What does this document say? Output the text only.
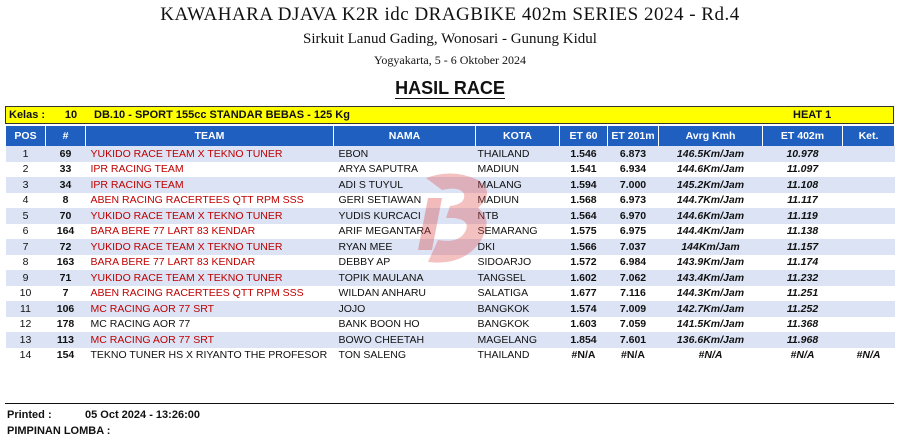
KAWAHARA DJAVA K2R idc DRAGBIKE 402m SERIES 2024 - Rd.4
Sirkuit Lanud Gading, Wonosari - Gunung Kidul
Yogyakarta, 5 - 6 Oktober 2024
HASIL RACE
Kelas :	10	DB.10 - SPORT 155cc STANDAR BEBAS - 125 Kg	HEAT 1
POS	#	TEAM	NAMA	KOTA	ET 60	ET 201m	Avrg Kmh	ET 402m	Ket.
1	69	YUKIDO RACE TEAM X TEKNO TUNER	EBON	THAILAND	1.546	6.873	146.5Km/Jam	10.978	
2	33	IPR RACING TEAM	ARYA SAPUTRA	MADIUN	1.541	6.934	144.6Km/Jam	11.097	
3	34	IPR RACING TEAM	ADI S TUYUL	MALANG	1.594	7.000	145.2Km/Jam	11.108	
4	8	ABEN RACING RACERTEES QTT RPM SSS	GERI SETIAWAN	MADIUN	1.568	6.973	144.7Km/Jam	11.117	
5	70	YUKIDO RACE TEAM X TEKNO TUNER	YUDIS KURCACI	NTB	1.564	6.970	144.6Km/Jam	11.119	
6	164	BARA BERE 77 LART 83 KENDAR	ARIF MEGANTARA	SEMARANG	1.575	6.975	144.4Km/Jam	11.138	
7	72	YUKIDO RACE TEAM X TEKNO TUNER	RYAN MEE	DKI	1.566	7.037	144Km/Jam	11.157	
8	163	BARA BERE 77 LART 83 KENDAR	DEBBY AP	SIDOARJO	1.572	6.984	143.9Km/Jam	11.174	
9	71	YUKIDO RACE TEAM X TEKNO TUNER	TOPIK MAULANA	TANGSEL	1.602	7.062	143.4Km/Jam	11.232	
10	7	ABEN RACING RACERTEES QTT RPM SSS	WILDAN ANHARU	SALATIGA	1.677	7.116	144.3Km/Jam	11.251	
11	106	MC RACING AOR 77 SRT	JOJO	BANGKOK	1.574	7.009	142.7Km/Jam	11.252	
12	178	MC RACING AOR 77	BANK BOON HO	BANGKOK	1.603	7.059	141.5Km/Jam	11.368	
13	113	MC RACING AOR 77 SRT	BOWO CHEETAH	MAGELANG	1.854	7.601	136.6Km/Jam	11.968	
14	154	TEKNO TUNER HS X RIYANTO THE PROFESOR	TON SALENG	THAILAND	#N/A	#N/A	#N/A	#N/A	#N/A
Printed :	05 Oct 2024 - 13:26:00
PIMPINAN LOMBA :
